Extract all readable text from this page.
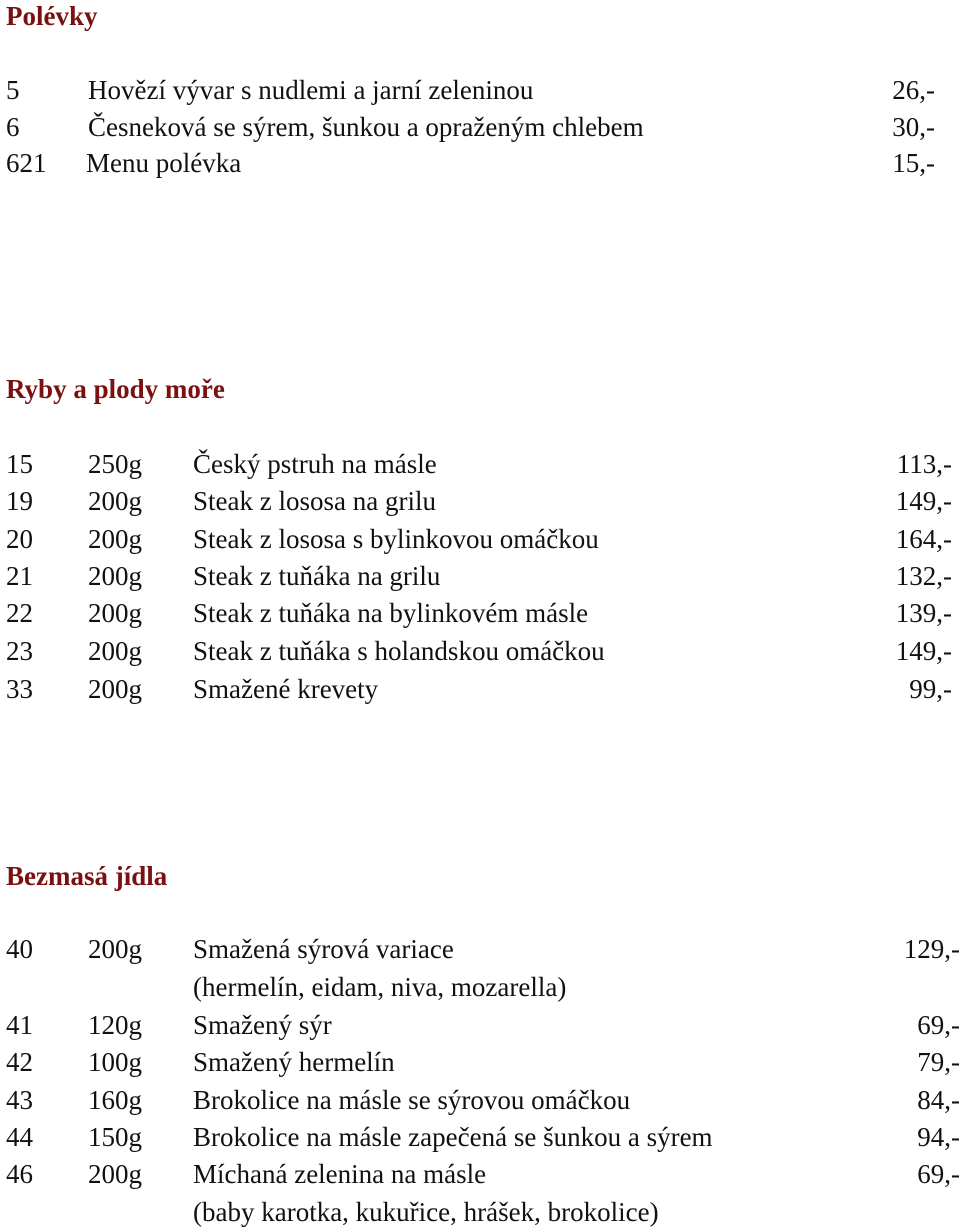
Polévky
5	Hovězí vývar s nudlemi a jarní zeleninou	26,-
6	Česneková se sýrem, šunkou a opraženým chlebem	30,-
621 Menu polévka	15,-
Ryby a plody moře
15 250g Český pstruh na másle	113,-
19 200g Steak z lososa na grilu	149,-
20 200g Steak z lososa s bylinkovou omáčkou	164,-
21 200g Steak z tuňáka na grilu	132,-
22 200g Steak z tuňáka na bylinkovém másle	139,-
23 200g Steak z tuňáka s holandskou omáčkou	149,-
33 200g Smažené krevety	99,-
Bezmasá jídla
40 200g Smažená sýrová variace	129,-
(hermelín, eidam, niva, mozarella)
41 120g Smažený sýr	69,-
42 100g Smažený hermelín	79,-
43 160g Brokolice na másle se sýrovou omáčkou	84,-
44 150g Brokolice na másle zapečená se šunkou a sýrem	94,-
46 200g Míchaná zelenina na másle	69,-
(baby karotka, kukuřice, hrášek, brokolice)
